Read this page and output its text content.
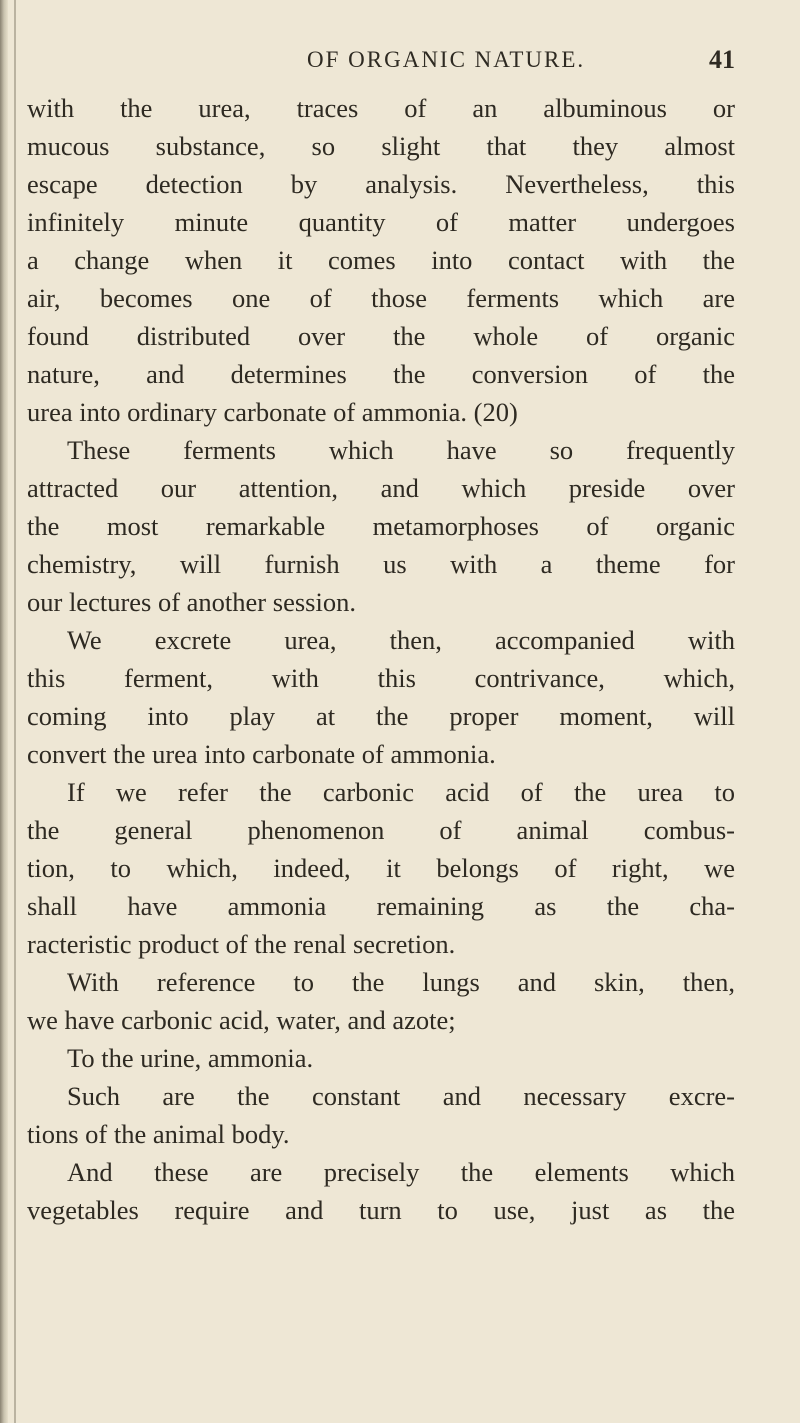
OF ORGANIC NATURE.	41
with the urea, traces of an albuminous or
mucous substance, so slight that they almost
escape detection by analysis. Nevertheless, this
infinitely minute quantity of matter undergoes
a change when it comes into contact with the
air, becomes one of those ferments which are
found distributed over the whole of organic
nature, and determines the conversion of the
urea into ordinary carbonate of ammonia. (20)
These ferments which have so frequently
attracted our attention, and which preside over
the most remarkable metamorphoses of organic
chemistry, will furnish us with a theme for
our lectures of another session.
We excrete urea, then, accompanied with
this ferment, with this contrivance, which,
coming into play at the proper moment, will
convert the urea into carbonate of ammonia.
If we refer the carbonic acid of the urea to
the general phenomenon of animal combus-
tion, to which, indeed, it belongs of right, we
shall have ammonia remaining as the cha-
racteristic product of the renal secretion.
With reference to the lungs and skin, then,
we have carbonic acid, water, and azote;
To the urine, ammonia.
Such are the constant and necessary excre-
tions of the animal body.
And these are precisely the elements which
vegetables require and turn to use, just as the
